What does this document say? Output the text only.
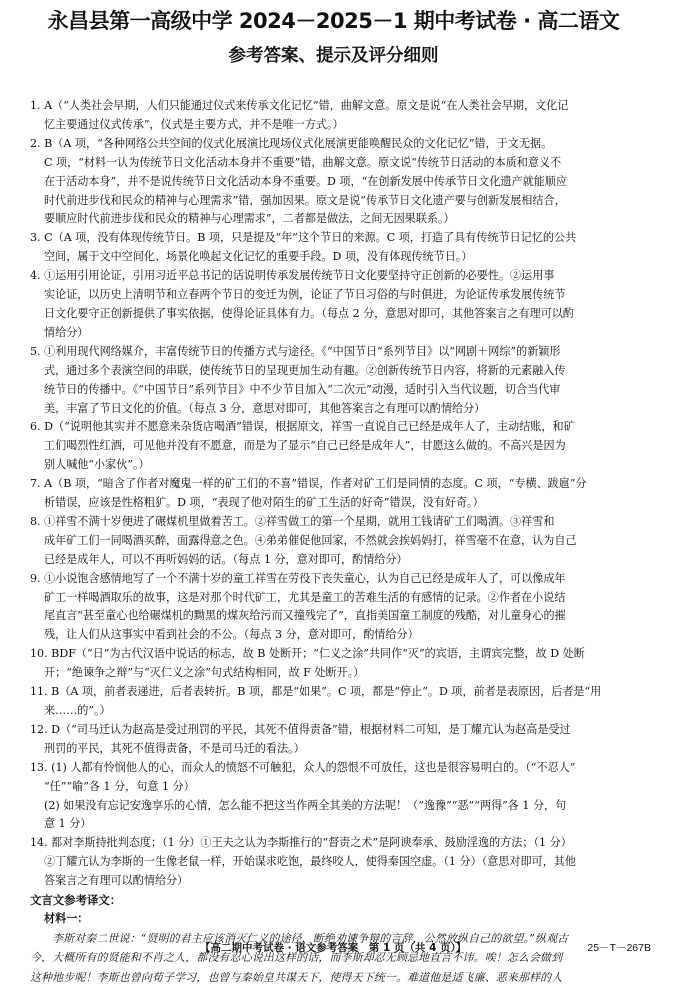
永昌县第一高级中学 2024－2025－1 期中考试卷 · 高二语文
参考答案、提示及评分细则
1. A（“人类社会早期，人们只能通过仪式来传承文化记忆”错，曲解文意。原文是说“在人类社会早期，文化记
忆主要通过仪式传承”，仪式是主要方式，并不是唯一方式。）
2. B（A 项，“各种网络公共空间的仪式化展演比现场仪式化展演更能唤醒民众的文化记忆”错，于文无据。
C 项，“材料一认为传统节日文化活动本身并不重要”错，曲解文意。原文说“传统节日活动的本质和意义不
在于活动本身”，并不是说传统节日文化活动本身不重要。D 项，“在创新发展中传承节日文化遗产就能顺应
时代前进步伐和民众的精神与心理需求”错，强加因果。原文是说“传承节日文化遗产要与创新发展相结合，
要顺应时代前进步伐和民众的精神与心理需求”，二者都是做法，之间无因果联系。）
3. C（A 项，没有体现传统节日。B 项，只是提及“年”这个节日的来源。C 项，打造了具有传统节日记忆的公共
空间，属于文中空间化、场景化唤起文化记忆的重要手段。D 项，没有体现传统节日。）
4. ①运用引用论证，引用习近平总书记的话说明传承发展传统节日文化要坚持守正创新的必要性。②运用事
实论证，以历史上清明节和立春两个节日的变迁为例，论证了节日习俗的与时俱进，为论证传承发展传统节
日文化要守正创新提供了事实依据，使得论证具体有力。（每点 2 分，意思对即可，其他答案言之有理可以酌
情给分）
5. ①利用现代网络媒介，丰富传统节日的传播方式与途径。《“中国节日”系列节目》以“网剧＋网综”的新颖形
式，通过多个表演空间的串联，使传统节日的呈现更加生动有趣。②创新传统节日内容，将新的元素融入传
统节日的传播中。《“中国节日”系列节目》中不少节目加入“二次元”动漫，适时引入当代议题，切合当代审
美，丰富了节日文化的价值。（每点 3 分，意思对即可，其他答案言之有理可以酌情给分）
6. D（“说明他其实并不愿意来杂货店喝酒”错误，根据原文，祥雪一直说自己已经是成年人了，主动结账，和矿
工们喝烈性红酒，可见他并没有不愿意，而是为了显示“自己已经是成年人”，甘愿这么做的。不高兴是因为
别人喊他“小家伙”。）
7. A（B 项，“暗含了作者对魔鬼一样的矿工们的不喜”错误，作者对矿工们是同情的态度。C 项，“专横、跋扈”分
析错误，应该是性格粗犷。D 项，“表现了他对陌生的矿工生活的好奇”错误，没有好奇。）
8. ①祥雪不满十岁便进了碾煤机里做着苦工。②祥雪做工的第一个星期，就用工钱请矿工们喝酒。③祥雪和
成年矿工们一同喝酒买醉，面露得意之色。④弟弟催促他回家，不然就会挨妈妈打，祥雪毫不在意，认为自己
已经是成年人，可以不再听妈妈的话。（每点 1 分，意对即可，酌情给分）
9. ①小说饱含感情地写了一个不满十岁的童工祥雪在劳役下丧失童心，认为自己已经是成年人了，可以像成年
矿工一样喝酒取乐的故事，这是对那个时代矿工，尤其是童工的苦难生活的有感情的记录。②作者在小说结
尾直言“甚至童心也给碾煤机的黝黑的煤灰给污而又撞残完了”，直指美国童工制度的残酷，对儿童身心的摧
残，让人们从这事实中看到社会的不公。（每点 3 分，意对即可，酌情给分）
10. BDF（“日”为古代汉语中说话的标志，故 B 处断开；“仁义之涂”共同作“灭”的宾语，主谓宾完整，故 D 处断
开；“绝谏争之辩”与“灭仁义之涂”句式结构相同，故 F 处断开。）
11. B（A 项，前者表递进，后者表转折。B 项，都是“如果”。C 项，都是“停止”。D 项，前者是表原因，后者是“用
来……的”。）
12. D（“司马迁认为赵高是受过刑罚的平民，其死不值得责备”错，根据材料二可知，是丁耀亢认为赵高是受过
刑罚的平民，其死不值得责备，不是司马迁的看法。）
13. (1) 人都有怜悯他人的心，而众人的愤怒不可触犯，众人的怨恨不可放任，这也是很容易明白的。（“不忍人”
“任”“喻”各 1 分，句意 1 分）
(2) 如果没有忘记安逸享乐的心情，怎么能不把这当作两全其美的方法呢！（“逸豫”“恶”“两得”各 1 分，句
意 1 分）
14. 都对李斯持批判态度；（1 分）①王夫之认为李斯推行的“督责之术”是阿谀奉承、鼓励淫逸的方法；（1 分）
②丁耀亢认为李斯的一生像老鼠一样，开始谋求吃饱，最终咬人，使得秦国空虚。（1 分）（意思对即可，其他
答案言之有理可以酌情给分）
文言文参考译文：
材料一：
李斯对秦二世说：“贤明的君主应该消灭仁义的途径，断绝劝谏争辩的言辞，公然放纵自己的欲望。”纵观古
今，大概所有的贤能和不肖之人，都没有忍心说出这样的话，而李斯却忍无顾忌地直言不讳。唉！怎么会做到
这种地步呢！李斯也曾向荀子学习，也曾与秦始皇共谋天下，使得天下统一。难道他是适飞廉、恶来那样的人
【高二期中考试卷 · 语文参考答案　第 1 页（共 4 页）】	25－T－267B
